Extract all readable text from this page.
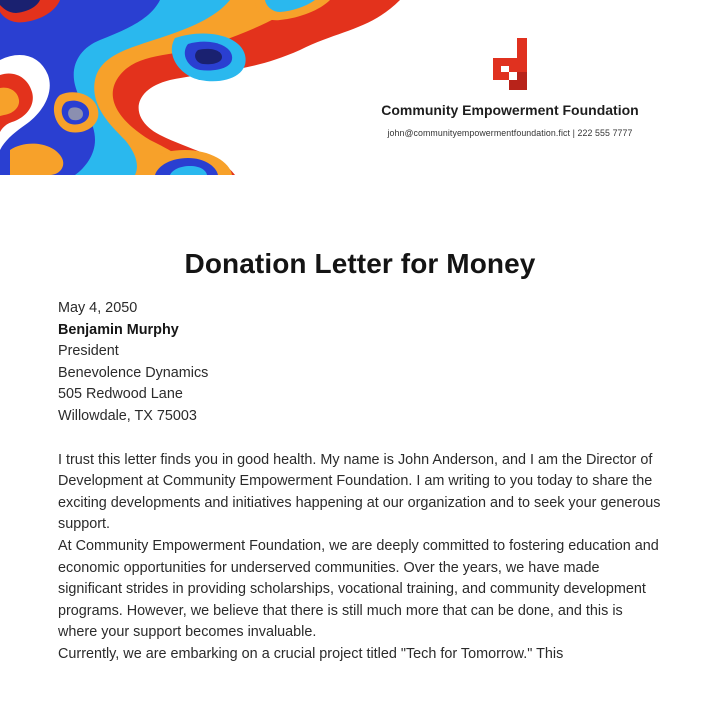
Community Empowerment Foundation
john@communityempowermentfoundation.fict | 222 555 7777
Donation Letter for Money

May 4, 2050

Benjamin Murphy

President

Benevolence Dynamics

505 Redwood Lane

Willowdale, TX 75003

I trust this letter finds you in good health. My name is John Anderson, and I am the Director of Development at Community Empowerment Foundation. I am writing to you today to share the exciting developments and initiatives happening at our organization and to seek your generous support.

At Community Empowerment Foundation, we are deeply committed to fostering education and economic opportunities for underserved communities. Over the years, we have made significant strides in providing scholarships, vocational training, and community development programs. However, we believe that there is still much more that can be done, and this is where your support becomes invaluable.

Currently, we are embarking on a crucial project titled "Tech for Tomorrow." This
